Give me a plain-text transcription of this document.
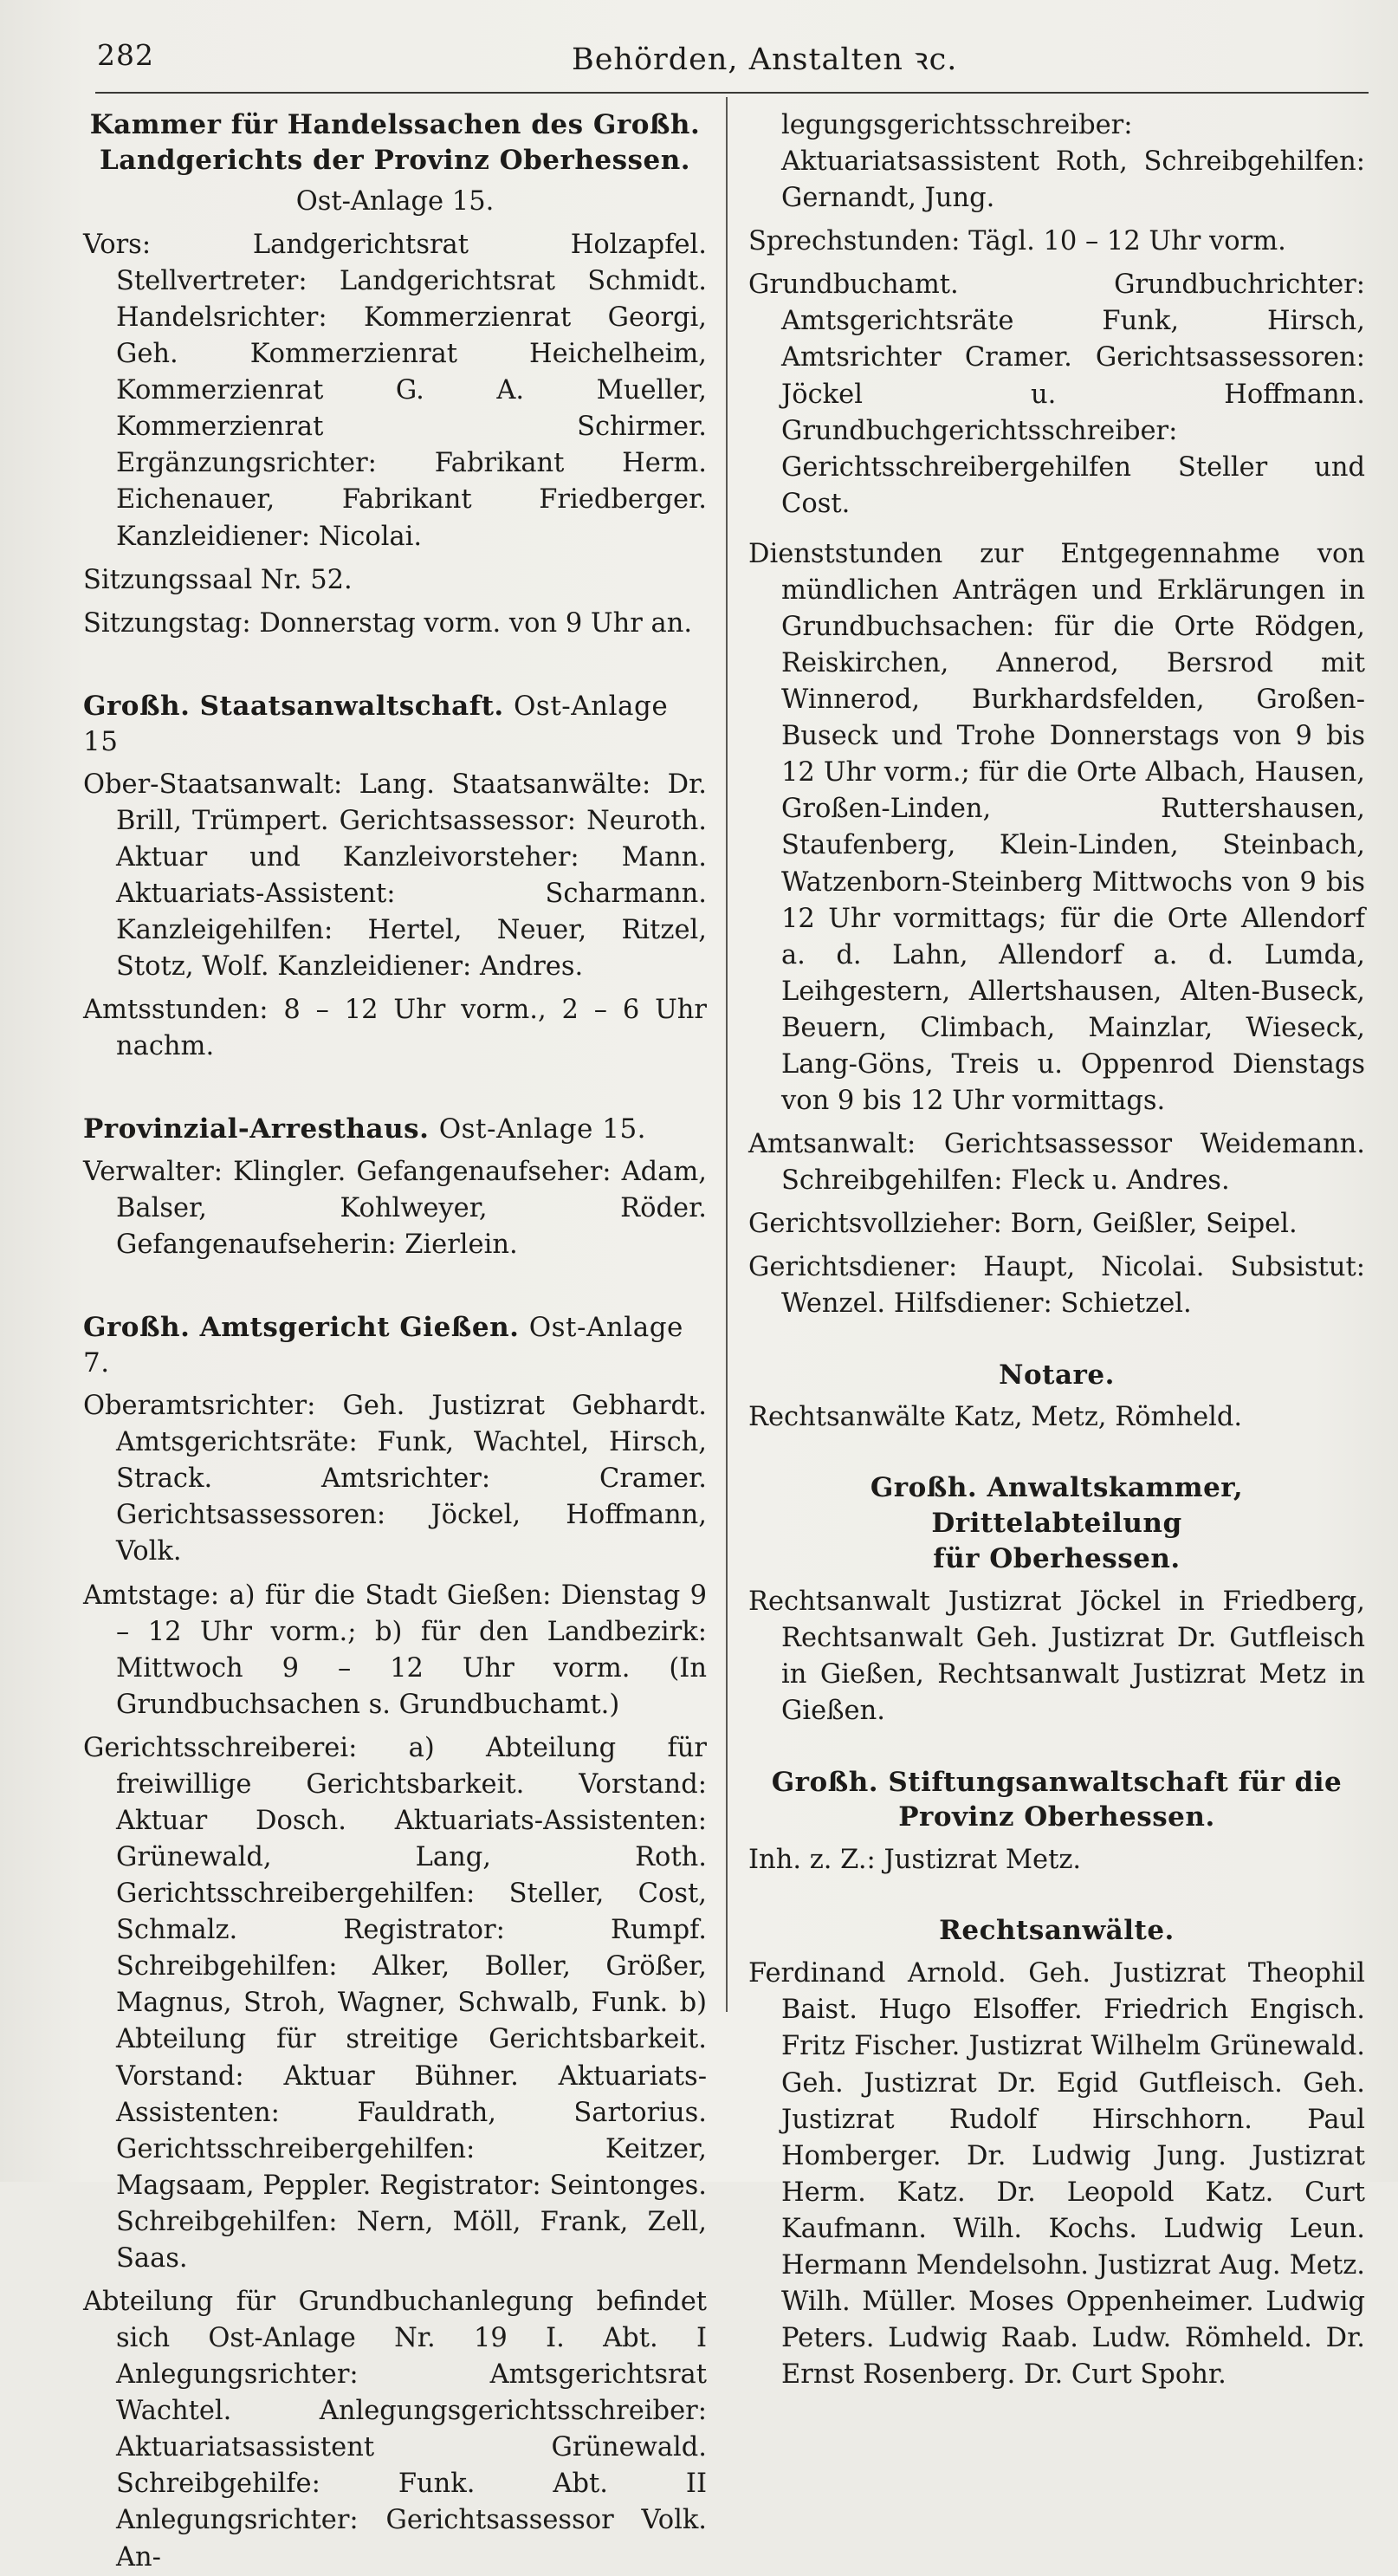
282	Behörden, Anstalten ꝛc.

Kammer für Handelssachen des Großh.

Landgerichts der Provinz Oberhessen.

Ost-Anlage 15.

Vors: Landgerichtsrat Holzapfel. Stellvertreter: Landgerichtsrat Schmidt. Handelsrichter: Kommerzienrat Georgi, Geh. Kommerzienrat Heichelheim, Kommerzienrat G. A. Mueller, Kommerzienrat Schirmer. Ergänzungsrichter: Fabrikant Herm. Eichenauer, Fabrikant Friedberger. Kanzleidiener: Nicolai.

Sitzungssaal Nr. 52.

Sitzungstag: Donnerstag vorm. von 9 Uhr an.

Großh. Staatsanwaltschaft. Ost-Anlage 15

Ober-Staatsanwalt: Lang. Staatsanwälte: Dr. Brill, Trümpert. Gerichtsassessor: Neuroth. Aktuar und Kanzleivorsteher: Mann. Aktuariats-Assistent: Scharmann. Kanzleigehilfen: Hertel, Neuer, Ritzel, Stotz, Wolf. Kanzleidiener: Andres.

Amtsstunden: 8 – 12 Uhr vorm., 2 – 6 Uhr nachm.

Provinzial-Arresthaus. Ost-Anlage 15.

Verwalter: Klingler. Gefangenaufseher: Adam, Balser, Kohlweyer, Röder. Gefangenaufseherin: Zierlein.

Großh. Amtsgericht Gießen. Ost-Anlage 7.

Oberamtsrichter: Geh. Justizrat Gebhardt. Amtsgerichtsräte: Funk, Wachtel, Hirsch, Strack. Amtsrichter: Cramer. Gerichtsassessoren: Jöckel, Hoffmann, Volk.

Amtstage: a) für die Stadt Gießen: Dienstag 9 – 12 Uhr vorm.; b) für den Landbezirk: Mittwoch 9 – 12 Uhr vorm. (In Grundbuchsachen s. Grundbuchamt.)

Gerichtsschreiberei: a) Abteilung für freiwillige Gerichtsbarkeit. Vorstand: Aktuar Dosch. Aktuariats-Assistenten: Grünewald, Lang, Roth. Gerichtsschreibergehilfen: Steller, Cost, Schmalz. Registrator: Rumpf. Schreibgehilfen: Alker, Boller, Größer, Magnus, Stroh, Wagner, Schwalb, Funk. b) Abteilung für streitige Gerichtsbarkeit. Vorstand: Aktuar Bühner. Aktuariats-Assistenten: Fauldrath, Sartorius. Gerichtsschreibergehilfen: Keitzer, Magsaam, Peppler. Registrator: Seintonges. Schreibgehilfen: Nern, Möll, Frank, Zell, Saas.

Abteilung für Grundbuchanlegung befindet sich Ost-Anlage Nr. 19 I. Abt. I Anlegungsrichter: Amtsgerichtsrat Wachtel. Anlegungsgerichtsschreiber: Aktuariatsassistent Grünewald. Schreibgehilfe: Funk. Abt. II Anlegungsrichter: Gerichtsassessor Volk. An-

legungsgerichtsschreiber: Aktuariatsassistent Roth, Schreibgehilfen: Gernandt, Jung.

Sprechstunden: Tägl. 10 – 12 Uhr vorm.

Grundbuchamt. Grundbuchrichter: Amtsgerichtsräte Funk, Hirsch, Amtsrichter Cramer. Gerichtsassessoren: Jöckel u. Hoffmann. Grundbuchgerichtsschreiber: Gerichtsschreibergehilfen Steller und Cost.

Dienststunden zur Entgegennahme von mündlichen Anträgen und Erklärungen in Grundbuchsachen: für die Orte Rödgen, Reiskirchen, Annerod, Bersrod mit Winnerod, Burkhardsfelden, Großen-Buseck und Trohe Donnerstags von 9 bis 12 Uhr vorm.; für die Orte Albach, Hausen, Großen-Linden, Ruttershausen, Staufenberg, Klein-Linden, Steinbach, Watzenborn-Steinberg Mittwochs von 9 bis 12 Uhr vormittags; für die Orte Allendorf a. d. Lahn, Allendorf a. d. Lumda, Leihgestern, Allertshausen, Alten-Buseck, Beuern, Climbach, Mainzlar, Wieseck, Lang-Göns, Treis u. Oppenrod Dienstags von 9 bis 12 Uhr vormittags.

Amtsanwalt: Gerichtsassessor Weidemann. Schreibgehilfen: Fleck u. Andres.

Gerichtsvollzieher: Born, Geißler, Seipel.

Gerichtsdiener: Haupt, Nicolai. Subsistut: Wenzel. Hilfsdiener: Schietzel.

Notare.

Rechtsanwälte Katz, Metz, Römheld.

Großh. Anwaltskammer, Drittelabteilung

für Oberhessen.

Rechtsanwalt Justizrat Jöckel in Friedberg, Rechtsanwalt Geh. Justizrat Dr. Gutfleisch in Gießen, Rechtsanwalt Justizrat Metz in Gießen.

Großh. Stiftungsanwaltschaft für die

Provinz Oberhessen.

Inh. z. Z.: Justizrat Metz.

Rechtsanwälte.

Ferdinand Arnold. Geh. Justizrat Theophil Baist. Hugo Elsoffer. Friedrich Engisch. Fritz Fischer. Justizrat Wilhelm Grünewald. Geh. Justizrat Dr. Egid Gutfleisch. Geh. Justizrat Rudolf Hirschhorn. Paul Homberger. Dr. Ludwig Jung. Justizrat Herm. Katz. Dr. Leopold Katz. Curt Kaufmann. Wilh. Kochs. Ludwig Leun. Hermann Mendelsohn. Justizrat Aug. Metz. Wilh. Müller. Moses Oppenheimer. Ludwig Peters. Ludwig Raab. Ludw. Römheld. Dr. Ernst Rosenberg. Dr. Curt Spohr.
